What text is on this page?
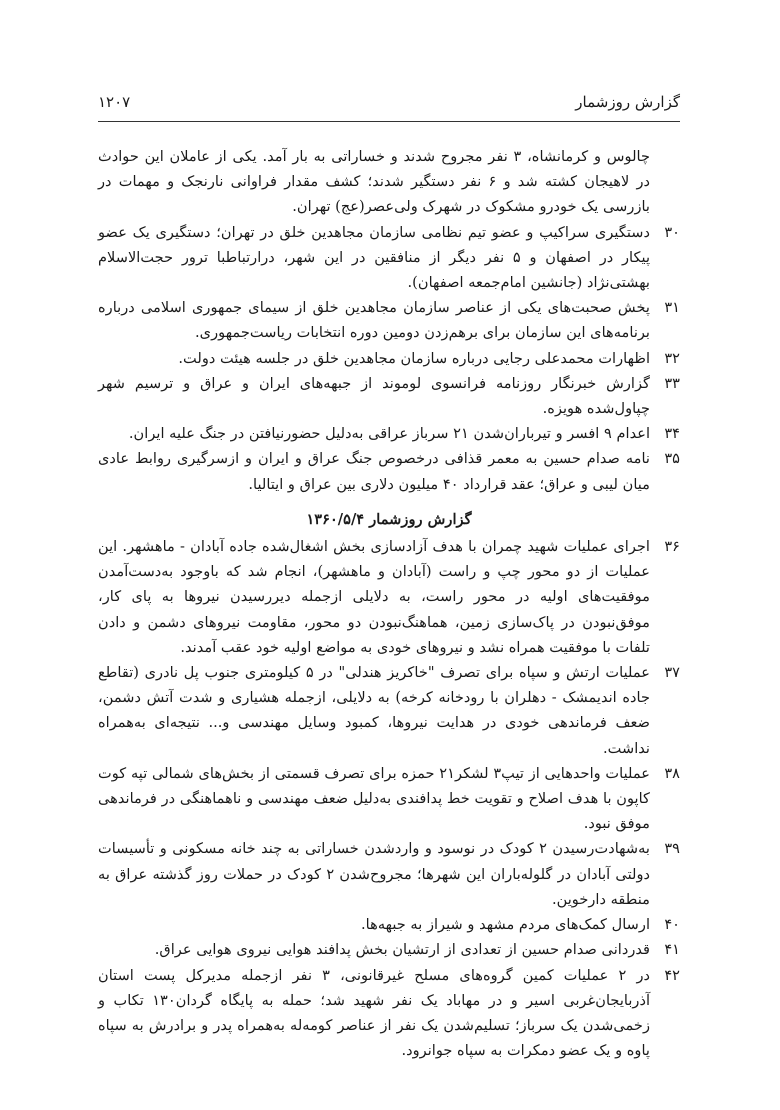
گزارش روزشمار
۱۲۰۷
چالوس و کرمانشاه، ۳ نفر مجروح شدند و خساراتی به بار آمد. یکی از عاملان این حوادث در لاهیجان کشته شد و ۶ نفر دستگیر شدند؛ کشف مقدار فراوانی نارنجک و مهمات در بازرسی یک خودرو مشکوک در شهرک ولی‌عصر(عج) تهران.
۳۰
دستگیری سراکیپ و عضو تیم نظامی سازمان مجاهدین خلق در تهران؛ دستگیری یک عضو پیکار در اصفهان و ۵ نفر دیگر از منافقین در این شهر، درارتباطبا ترور حجت‌الاسلام بهشتی‌نژاد (جانشین امام‌جمعه اصفهان).
۳۱
پخش صحبت‌های یکی از عناصر سازمان مجاهدین خلق از سیمای جمهوری اسلامی درباره برنامه‌های این سازمان برای برهم‌زدن دومین دوره انتخابات ریاست‌جمهوری.
۳۲
اظهارات محمدعلی رجایی درباره سازمان مجاهدین خلق در جلسه هیئت دولت.
۳۳
گزارش خبرنگار روزنامه فرانسوی لوموند از جبهه‌های ایران و عراق و ترسیم شهر چپاول‌شده هویزه.
۳۴
اعدام ۹ افسر و تیرباران‌شدن ۲۱ سرباز عراقی به‌دلیل حضورنیافتن در جنگ علیه ایران.
۳۵
نامه صدام حسین به معمر قذافی درخصوص جنگ عراق و ایران و ازسرگیری روابط عادی میان لیبی و عراق؛ عقد قرارداد ۴۰ میلیون دلاری بین عراق و ایتالیا.
گزارش روزشمار ۱۳۶۰/۵/۴
۳۶
اجرای عملیات شهید چمران با هدف آزادسازی بخش اشغال‌شده جاده آبادان - ماهشهر. این عملیات از دو محور چپ و راست (آبادان و ماهشهر)، انجام شد که باوجود به‌دست‌آمدن موفقیت‌های اولیه در محور راست، به دلایلی ازجمله دیررسیدن نیروها به پای کار، موفق‌نبودن در پاک‌سازی زمین، هماهنگ‌نبودن دو محور، مقاومت نیروهای دشمن و دادن تلفات با موفقیت همراه نشد و نیروهای خودی به مواضع اولیه خود عقب آمدند.
۳۷
عملیات ارتش و سپاه برای تصرف "خاکریز هندلی" در ۵ کیلومتری جنوب پل نادری (تقاطع جاده اندیمشک - دهلران با رودخانه کرخه) به دلایلی، ازجمله هشیاری و شدت آتش دشمن، ضعف فرماندهی خودی در هدایت نیروها، کمبود وسایل مهندسی و... نتیجه‌ای به‌همراه نداشت.
۳۸
عملیات واحدهایی از تیپ۳ لشکر۲۱ حمزه برای تصرف قسمتی از بخش‌های شمالی تپه کوت کاپون با هدف اصلاح و تقویت خط پدافندی به‌دلیل ضعف مهندسی و ناهماهنگی در فرماندهی موفق نبود.
۳۹
به‌شهادت‌رسیدن ۲ کودک در نوسود و واردشدن خساراتی به چند خانه مسکونی و تأسیسات دولتی آبادان در گلوله‌باران این شهرها؛ مجروح‌شدن ۲ کودک در حملات روز گذشته عراق به منطقه دارخوین.
۴۰
ارسال کمک‌های مردم مشهد و شیراز به جبهه‌ها.
۴۱
قدردانی صدام حسین از تعدادی از ارتشیان بخش پدافند هوایی نیروی هوایی عراق.
۴۲
در ۲ عملیات کمین گروه‌های مسلح غیرقانونی، ۳ نفر ازجمله مدیرکل پست استان آذربایجان‌غربی اسیر و در مهاباد یک نفر شهید شد؛ حمله به پایگاه گردان۱۳۰ تکاب و زخمی‌شدن یک سرباز؛ تسلیم‌شدن یک نفر از عناصر کومه‌له به‌همراه پدر و برادرش به سپاه پاوه و یک عضو دمکرات به سپاه جوانرود.
